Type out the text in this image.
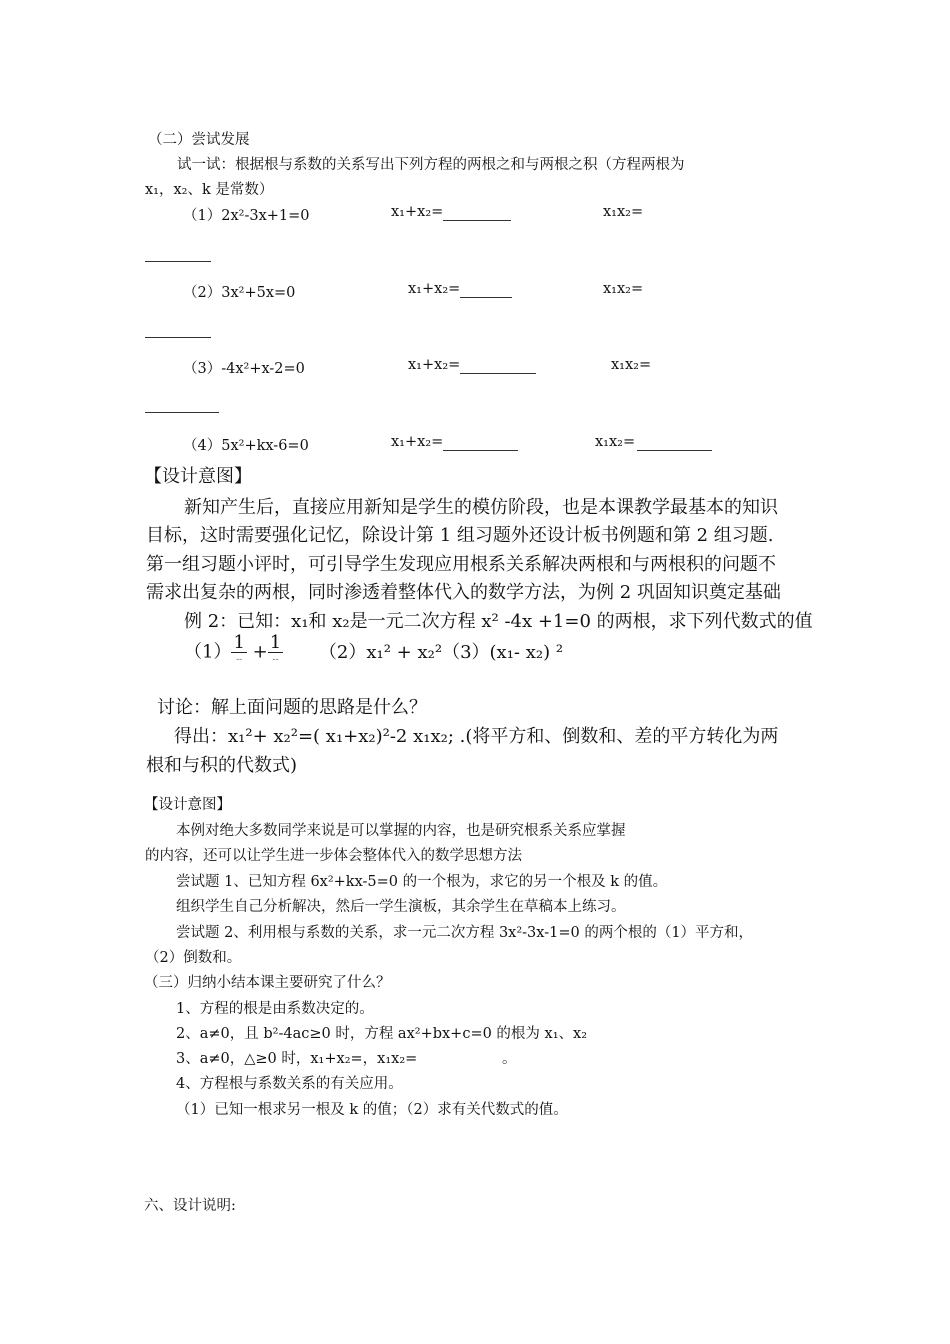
（二）尝试发展
试一试：根据根与系数的关系写出下列方程的两根之和与两根之积（方程两根为
x₁，x₂、k 是常数）
（1）2x²-3x+1=0	x₁+x₂=	x₁x₂=
（2）3x²+5x=0	x₁+x₂=	x₁x₂=
（3）-4x²+x-2=0	x₁+x₂=	x₁x₂=
（4）5x²+kx-6=0	x₁+x₂=	x₁x₂=
【设计意图】
新知产生后，直接应用新知是学生的模仿阶段，也是本课教学最基本的知识
目标，这时需要强化记忆，除设计第 1 组习题外还设计板书例题和第 2 组习题.
第一组习题小评时，可引导学生发现应用根系关系解决两根和与两根积的问题不
需求出复杂的两根，同时渗透着整体代入的数学方法，为例 2 巩固知识奠定基础
例 2：已知：x₁和 x₂是一元二次方程 x² -4x +1=0 的两根，求下列代数式的值
$(1) \frac{1}{--} + \frac{1}{--} (2)x_1^2 + x_2^2(3)(x_1-$ x₂) ²
讨论：解上面问题的思路是什么？
得出：x₁²+ x₂²=( x₁+x₂)²-2 x₁x₂; .(将平方和、倒数和、差的平方转化为两
根和与积的代数式)
【设计意图】
本例对绝大多数同学来说是可以掌握的内容，也是研究根系关系应掌握
的内容，还可以让学生进一步体会整体代入的数学思想方法
尝试题 1、已知方程 6x²+kx-5=0 的一个根为，求它的另一个根及 k 的值。
组织学生自己分析解决，然后一学生演板，其余学生在草稿本上练习。
尝试题 2、利用根与系数的关系，求一元二次方程 3x²-3x-1=0 的两个根的（1）平方和，
（2）倒数和。
（三）归纳小结本课主要研究了什么？
1、方程的根是由系数决定的。
2、a≠0，且 b²-4ac≥0 时，方程 ax²+bx+c=0 的根为 x₁、x₂
3、a≠0，△≥0 时，x₁+x₂=，x₁x₂=	。
4、方程根与系数关系的有关应用。
（1）已知一根求另一根及 k 的值；（2）求有关代数式的值。
六、设计说明:
